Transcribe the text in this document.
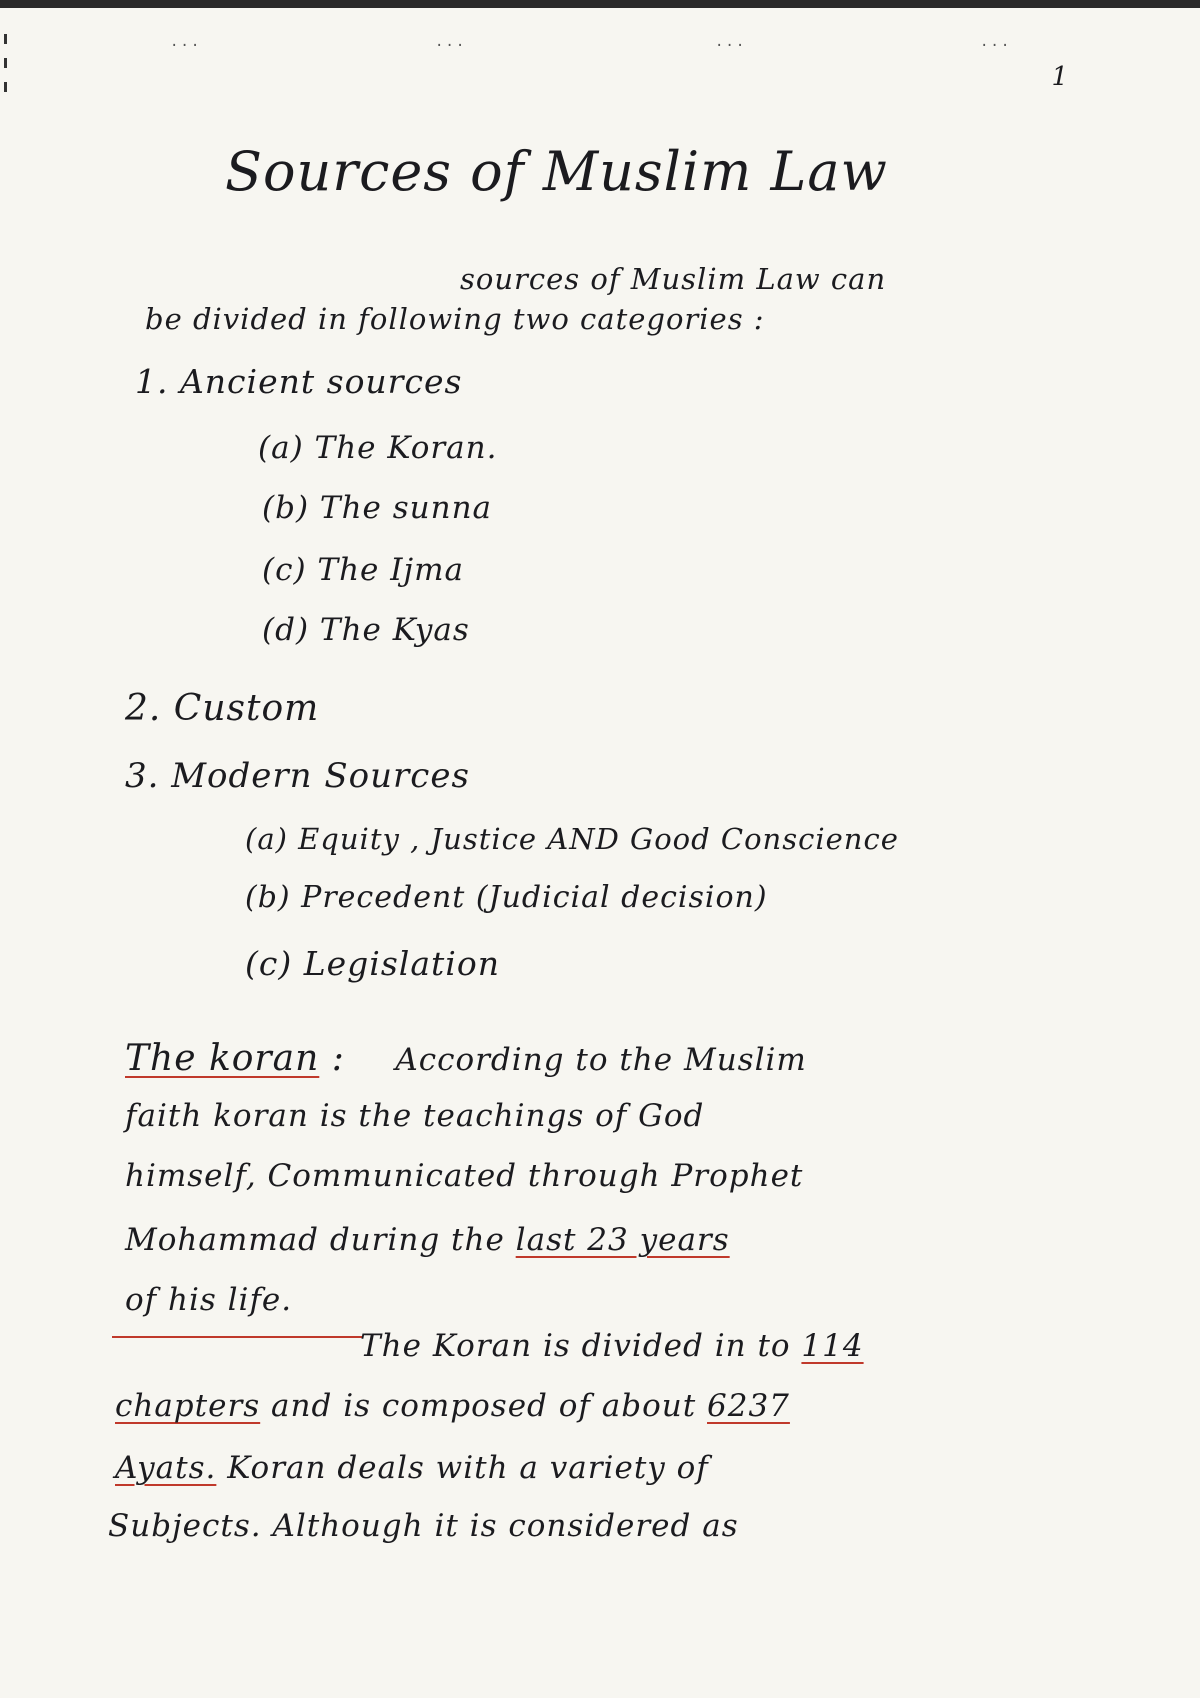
...	...	...	...
1
Sources of Muslim Law
sources of Muslim Law can
be divided in following two categories :
1. Ancient sources
(a) The Koran.
(b) The sunna
(c) The Ijma
(d) The Kyas
2. Custom
3. Modern Sources
(a) Equity , Justice AND Good Conscience
(b) Precedent (Judicial decision)
(c) Legislation
The koran : According to the Muslim
faith koran is the teachings of God
himself, Communicated through Prophet
Mohammad during the last 23 years
of his life.
The Koran is divided in to 114
chapters and is composed of about 6237
Ayats. Koran deals with a variety of
Subjects. Although it is considered as
